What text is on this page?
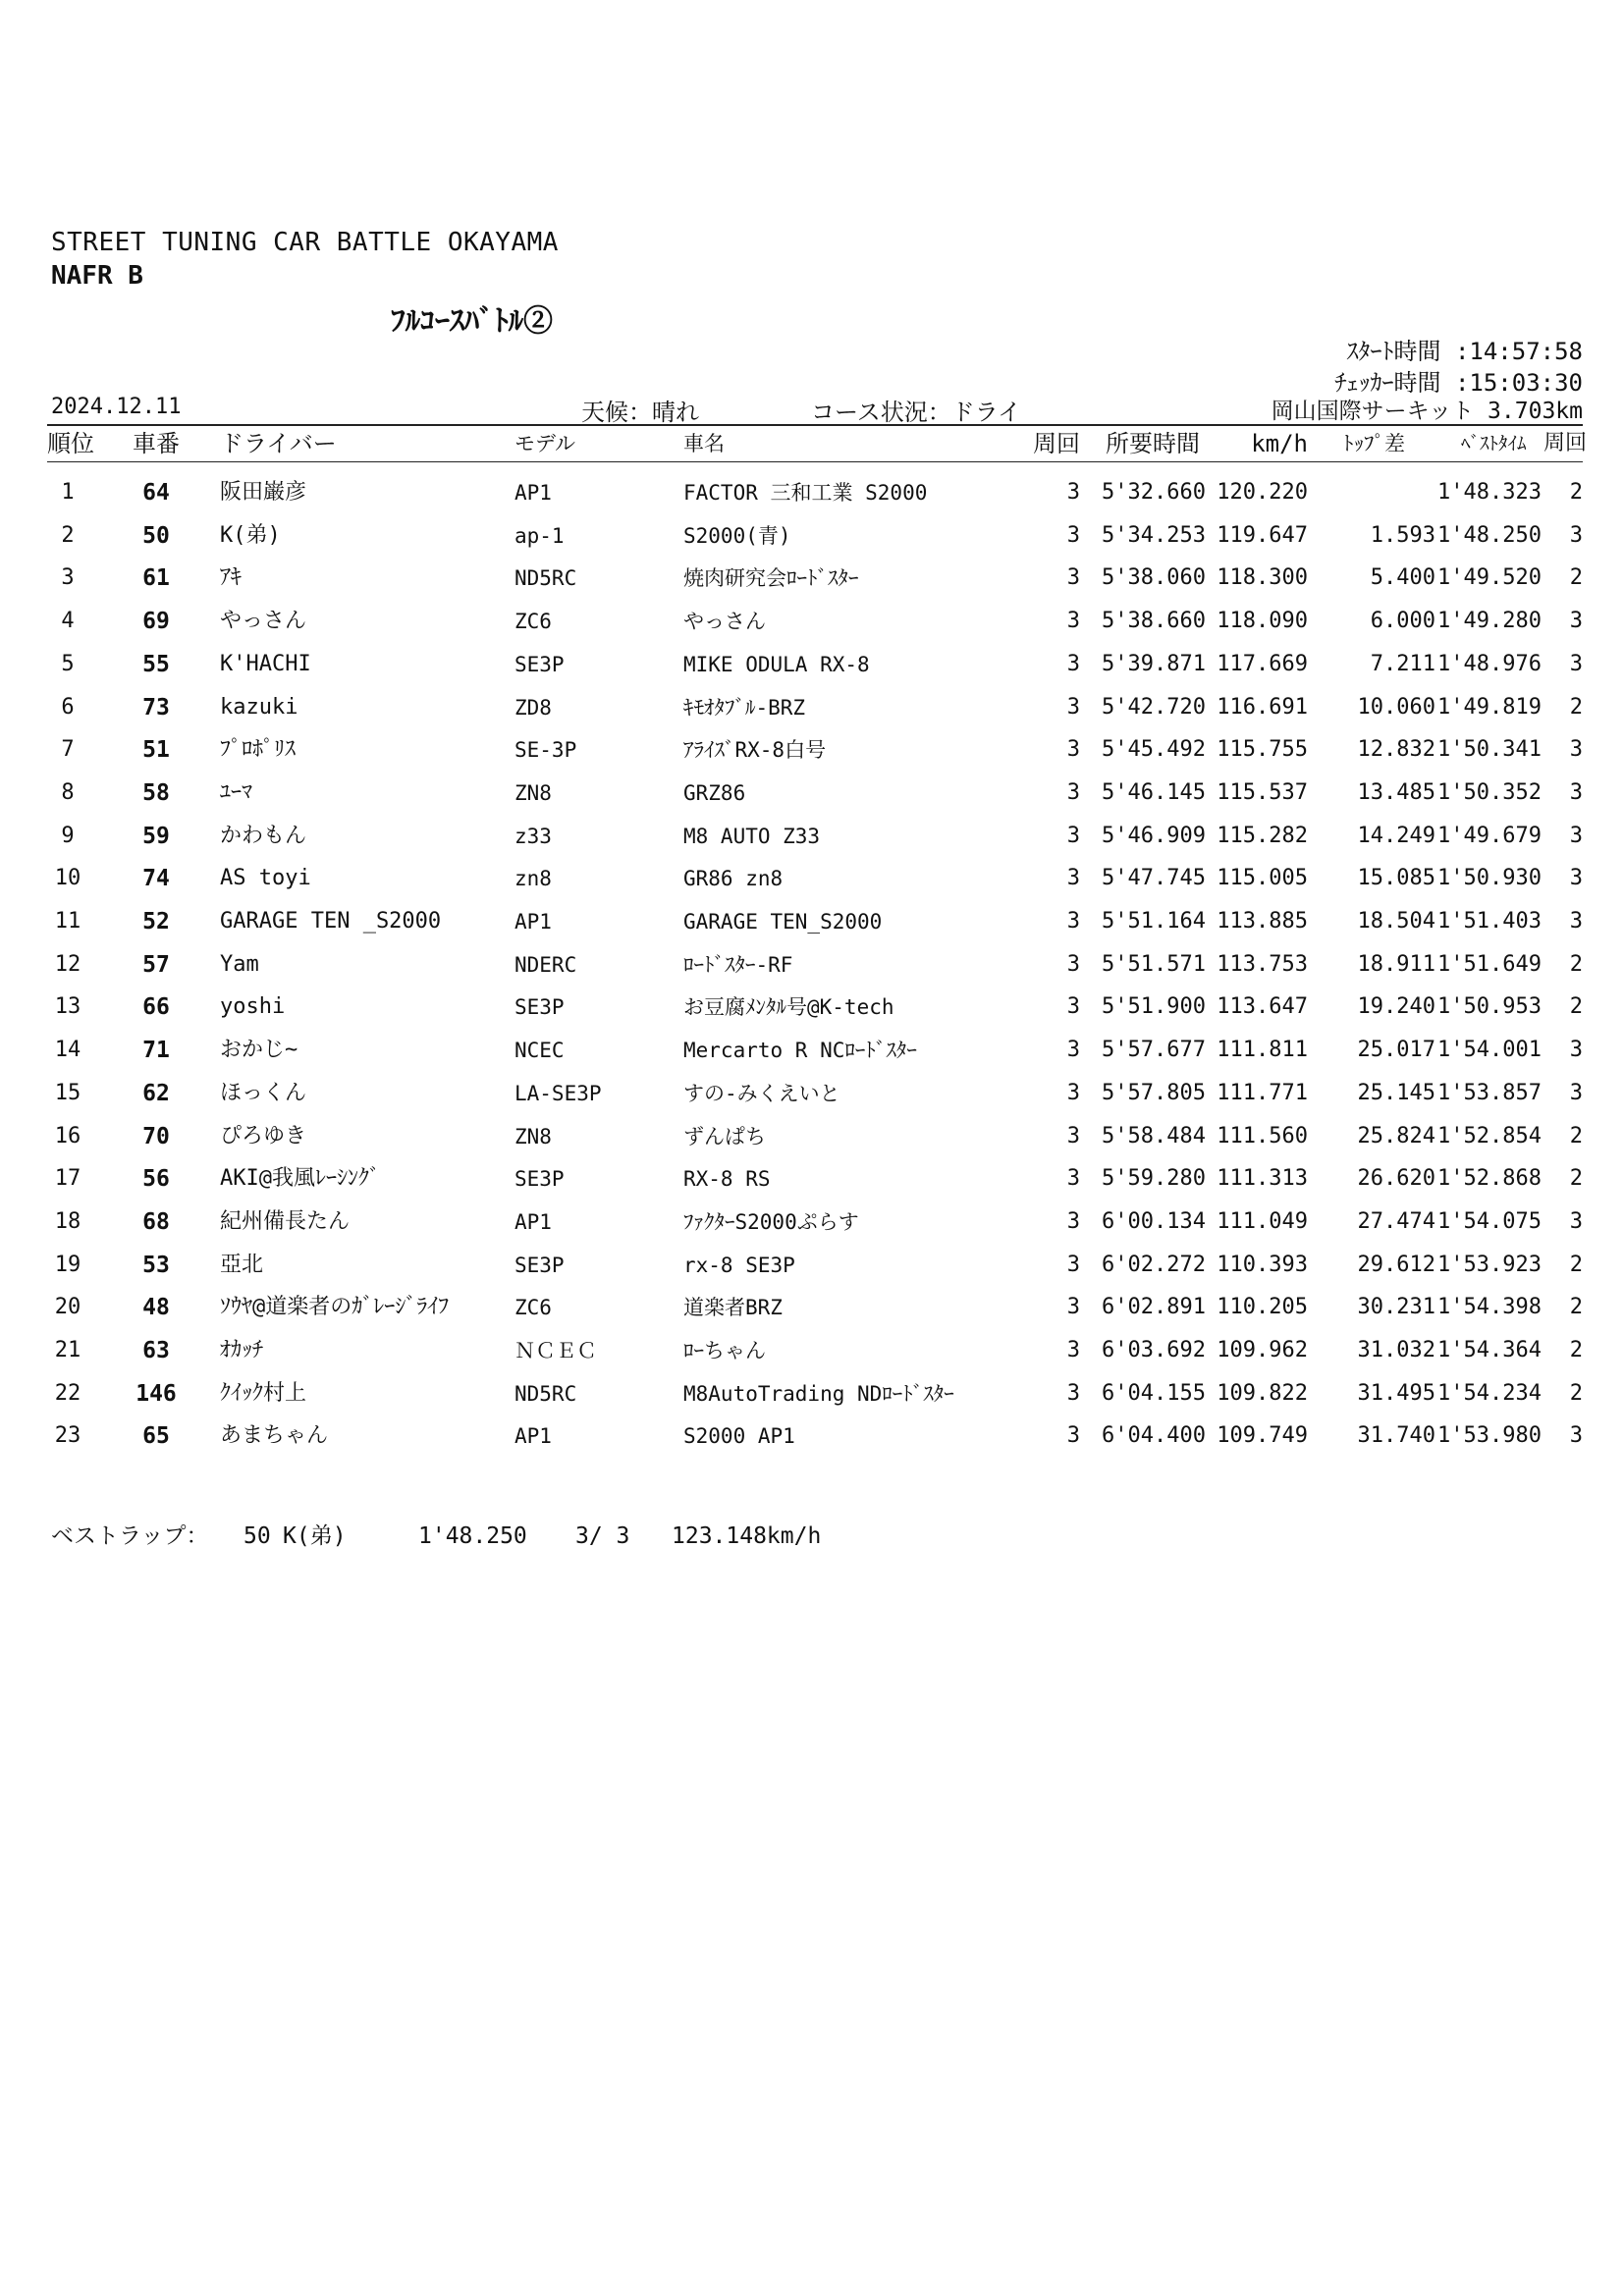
STREET TUNING CAR BATTLE OKAYAMA
NAFR B
ﾌﾙｺｰｽﾊﾞﾄﾙ②
ｽﾀｰﾄ時間 :14:57:58
ﾁｪｯｶｰ時間 :15:03:30
2024.12.11	天候：晴れ	コース状況：ドライ	岡山国際サーキット 3.703km
順位	車番	ドライバー	モデル	車名	周回 所要時間	km/h ﾄｯﾌﾟ差	ﾍﾞｽﾄﾀｲﾑ 周回
1	64	阪田巌彦	AP1	FACTOR 三和工業 S2000	3	5'32.660 120.220	1'48.323	2
2	50	K(弟)	ap-1	S2000(青)	3	5'34.253 119.647	1.593 1'48.250	3
3	61	ｱｷ	ND5RC	焼肉研究会ﾛｰﾄﾞｽﾀｰ	3	5'38.060 118.300	5.400 1'49.520	2
4	69	やっさん	ZC6	やっさん	3	5'38.660 118.090	6.000 1'49.280	3
5	55	K'HACHI	SE3P	MIKE ODULA RX-8	3	5'39.871 117.669	7.211 1'48.976	3
6	73	kazuki	ZD8	ｷﾓｵﾀﾌﾞﾙ-BRZ	3	5'42.720 116.691	10.060 1'49.819	2
7	51	ﾌﾟﾛﾎﾟﾘｽ	SE-3P	ｱﾗｲｽﾞRX-8白号	3	5'45.492 115.755	12.832 1'50.341	3
8	58	ﾕｰﾏ	ZN8	GRZ86	3	5'46.145 115.537	13.485 1'50.352	3
9	59	かわもん	z33	M8 AUTO Z33	3	5'46.909 115.282	14.249 1'49.679	3
10	74	AS toyi	zn8	GR86 zn8	3	5'47.745 115.005	15.085 1'50.930	3
11	52	GARAGE TEN _S2000	AP1	GARAGE TEN_S2000	3	5'51.164 113.885	18.504 1'51.403	3
12	57	Yam	NDERC	ﾛｰﾄﾞｽﾀｰ-RF	3	5'51.571 113.753	18.911 1'51.649	2
13	66	yoshi	SE3P	お豆腐ﾒﾝﾀﾙ号@K-tech	3	5'51.900 113.647	19.240 1'50.953	2
14	71	おかじ~	NCEC	Mercarto R NCﾛｰﾄﾞｽﾀｰ	3	5'57.677 111.811	25.017 1'54.001	3
15	62	ほっくん	LA-SE3P	すの-みくえいと	3	5'57.805 111.771	25.145 1'53.857	3
16	70	ぴろゆき	ZN8	ずんぱち	3	5'58.484 111.560	25.824 1'52.854	2
17	56	AKI@我風ﾚｰｼﾝｸﾞ	SE3P	RX-8 RS	3	5'59.280 111.313	26.620 1'52.868	2
18	68	紀州備長たん	AP1	ﾌｧｸﾀｰS2000ぷらす	3	6'00.134 111.049	27.474 1'54.075	3
19	53	亞北	SE3P	rx-8 SE3P	3	6'02.272 110.393	29.612 1'53.923	2
20	48	ｿｳﾔ@道楽者のｶﾞﾚｰｼﾞﾗｲﾌ	ZC6	道楽者BRZ	3	6'02.891 110.205	30.231 1'54.398	2
21	63	ｵｶｯﾁ	ＮＣＥＣ	ﾛｰちゃん	3	6'03.692 109.962	31.032 1'54.364	2
22	146	ｸｲｯｸ村上	ND5RC	M8AutoTrading NDﾛｰﾄﾞｽﾀｰ	3	6'04.155 109.822	31.495 1'54.234	2
23	65	あまちゃん	AP1	S2000 AP1	3	6'04.400 109.749	31.740 1'53.980	3
ベストラップ： 50 K(弟)	1'48.250 3/ 3 123.148km/h
